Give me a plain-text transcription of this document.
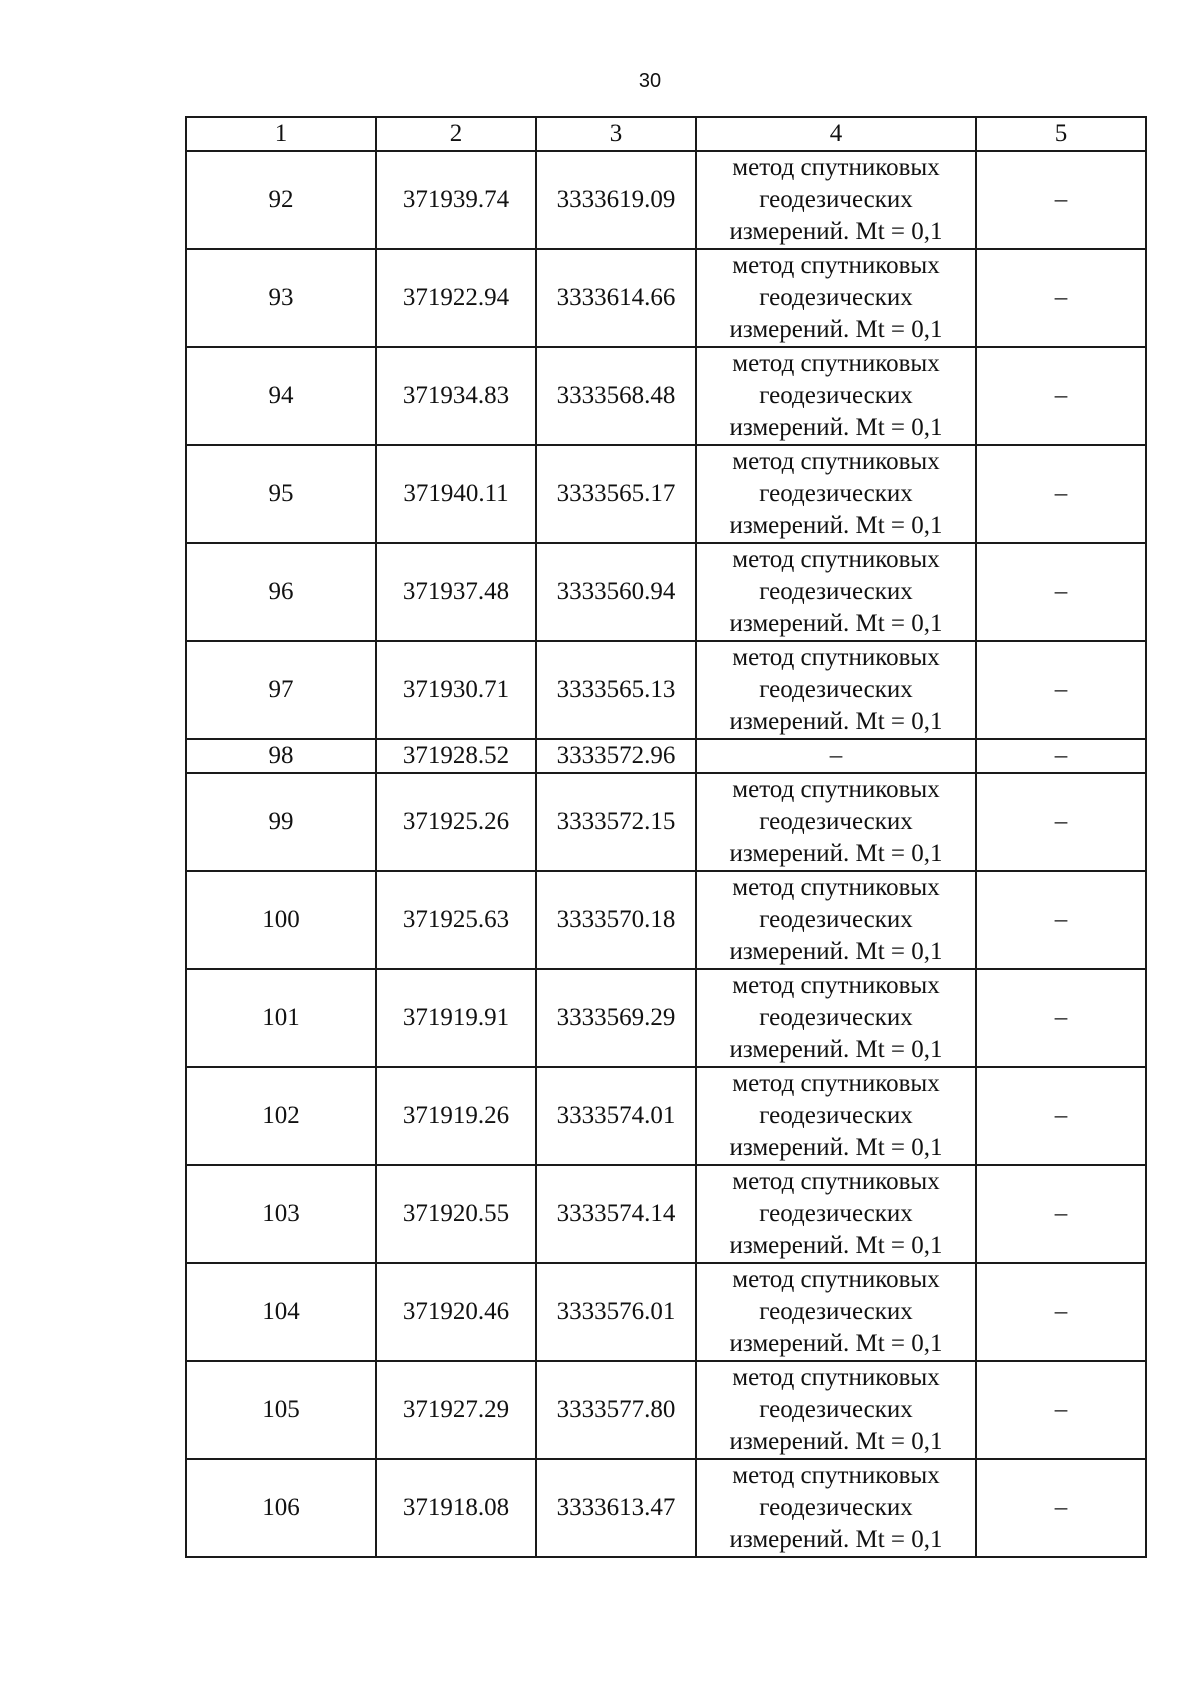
30
1	2	3	4	5
92	371939.74	3333619.09	метод спутниковых
геодезических
измерений. Mt = 0,1	–
93	371922.94	3333614.66	метод спутниковых
геодезических
измерений. Mt = 0,1	–
94	371934.83	3333568.48	метод спутниковых
геодезических
измерений. Mt = 0,1	–
95	371940.11	3333565.17	метод спутниковых
геодезических
измерений. Mt = 0,1	–
96	371937.48	3333560.94	метод спутниковых
геодезических
измерений. Mt = 0,1	–
97	371930.71	3333565.13	метод спутниковых
геодезических
измерений. Mt = 0,1	–
98	371928.52	3333572.96	–	–
99	371925.26	3333572.15	метод спутниковых
геодезических
измерений. Mt = 0,1	–
100	371925.63	3333570.18	метод спутниковых
геодезических
измерений. Mt = 0,1	–
101	371919.91	3333569.29	метод спутниковых
геодезических
измерений. Mt = 0,1	–
102	371919.26	3333574.01	метод спутниковых
геодезических
измерений. Mt = 0,1	–
103	371920.55	3333574.14	метод спутниковых
геодезических
измерений. Mt = 0,1	–
104	371920.46	3333576.01	метод спутниковых
геодезических
измерений. Mt = 0,1	–
105	371927.29	3333577.80	метод спутниковых
геодезических
измерений. Mt = 0,1	–
106	371918.08	3333613.47	метод спутниковых
геодезических
измерений. Mt = 0,1	–
